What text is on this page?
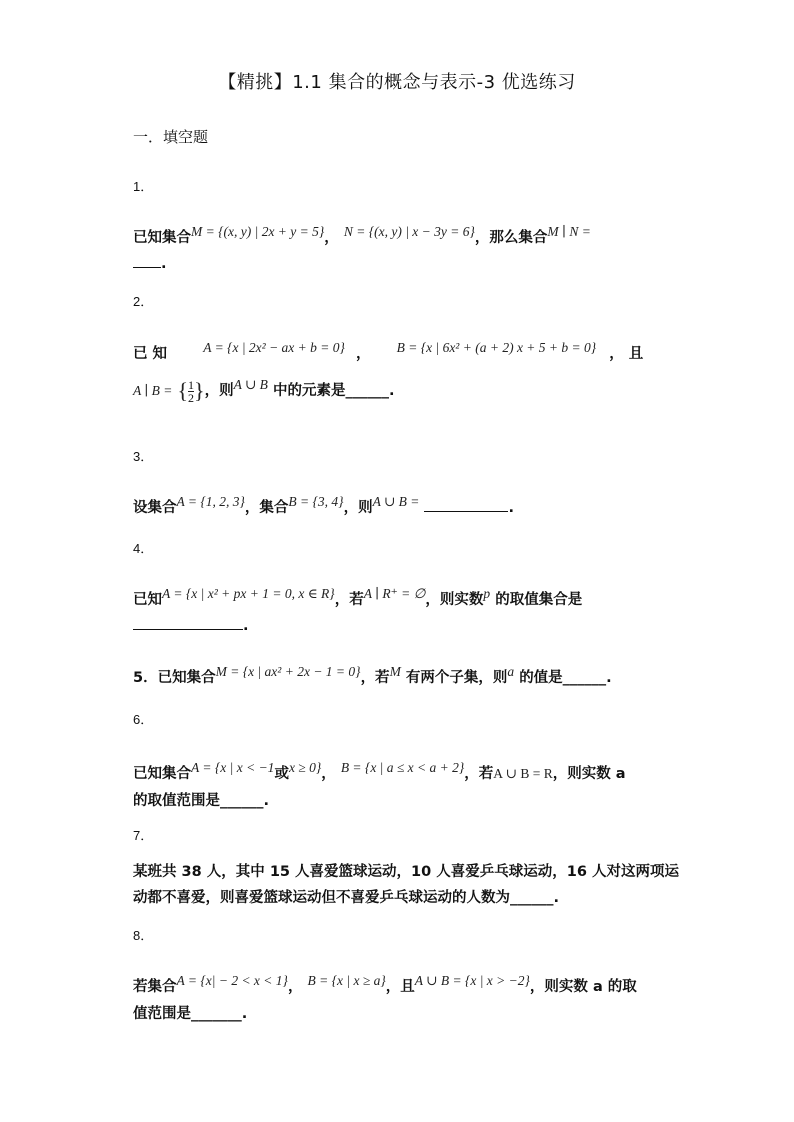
【精挑】1.1 集合的概念与表示-3 优选练习
一．填空题
1．
已知集合M = {(x, y) | 2x + y = 5}， N = {(x, y) | x − 3y = 6}，那么集合M ∣ N =
.
2．
已 知	A = {x | 2x² − ax + b = 0} ， B = {x | 6x² + (a + 2) x + 5 + b = 0} ， 且
A ∣ B = { $\frac{1}{2}$ }，则A ∪ B 中的元素是______.
3．
设集合A = {1, 2, 3}，集合B = {3, 4}，则A ∪ B =	.
4．
已知A = {x | x² + px + 1 = 0, x ∈ R}，若A ∣ R⁺ = ∅，则实数p 的取值集合是
.
5．已知集合M = {x | ax² + 2x − 1 = 0}，若M 有两个子集，则a 的值是______.
6．
已知集合A = {x | x < −1或x ≥ 0}， B = {x | a ≤ x < a + 2}，若A ∪ B = R，则实数 a
的取值范围是______.
7．
某班共 38 人，其中 15 人喜爱篮球运动，10 人喜爱乒乓球运动，16 人对这两项运
动都不喜爱，则喜爱篮球运动但不喜爱乒乓球运动的人数为______.
8．
若集合A = {x| − 2 < x < 1}， B = {x | x ≥ a}，且A ∪ B = {x | x > −2}，则实数 a 的取
值范围是_______.
